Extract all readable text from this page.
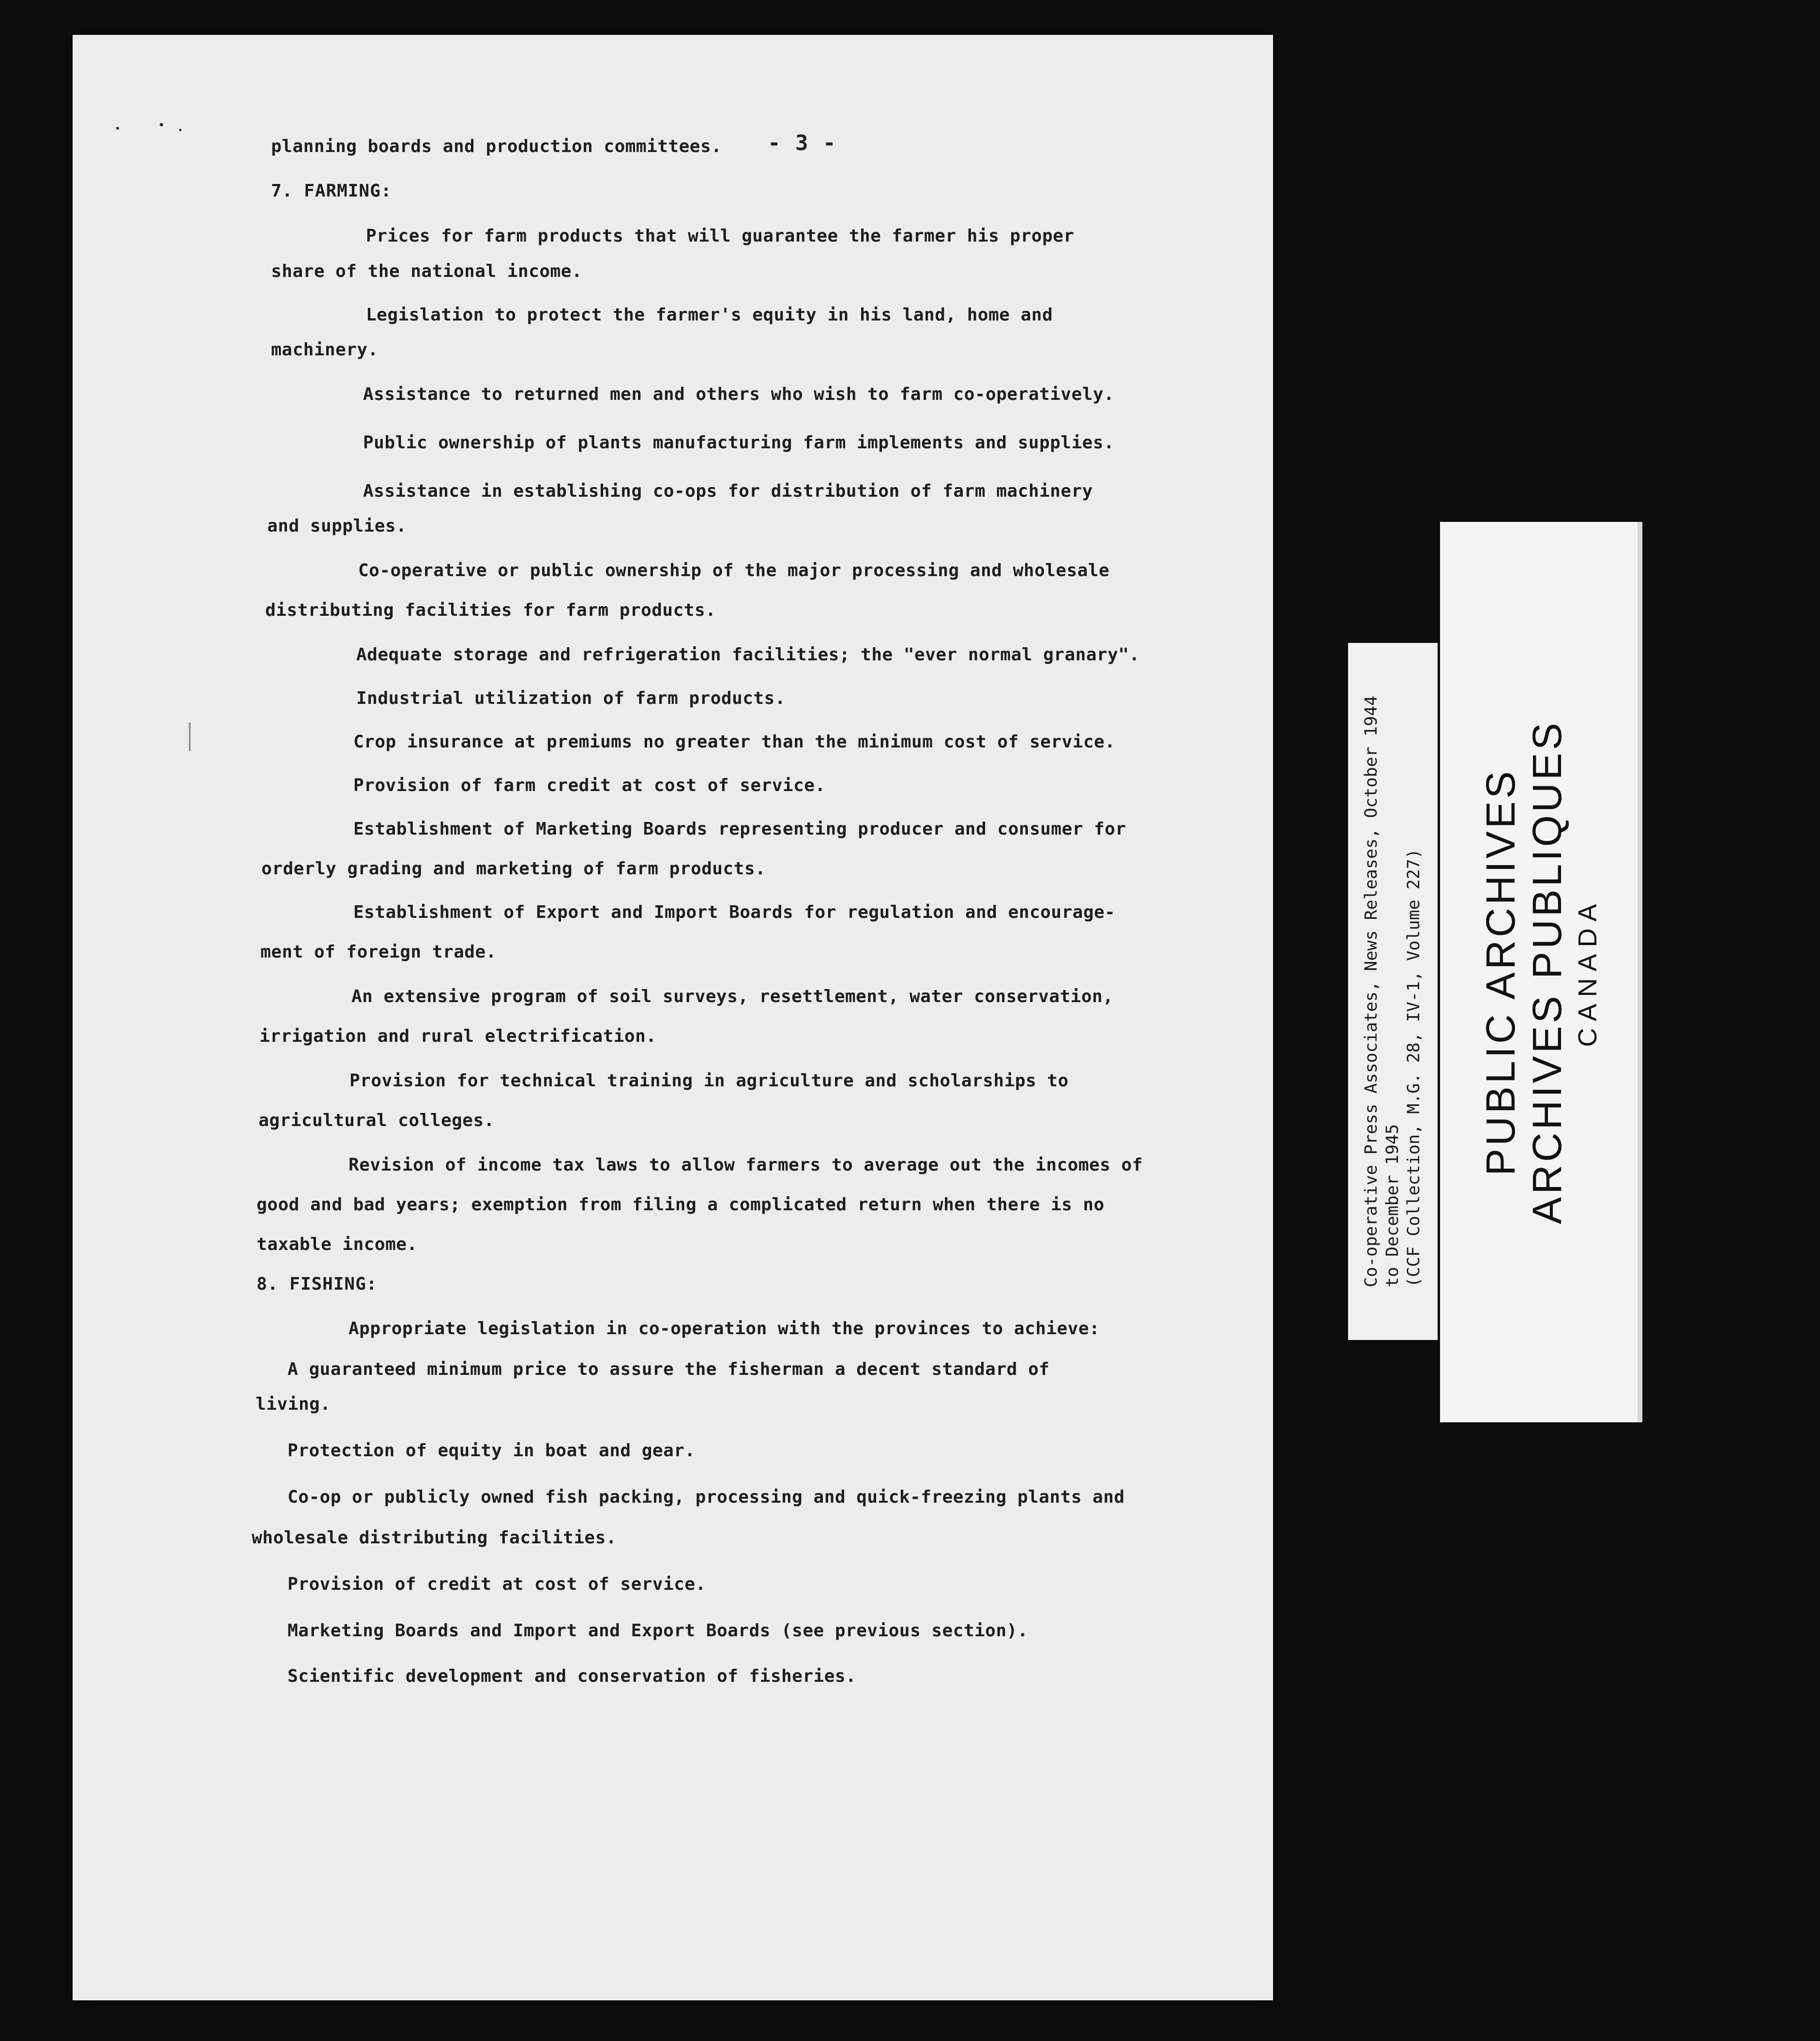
- 3 -
planning boards and production committees.
7. FARMING:
Prices for farm products that will guarantee the farmer his proper
share of the national income.
Legislation to protect the farmer's equity in his land, home and
machinery.
Assistance to returned men and others who wish to farm co-operatively.
Public ownership of plants manufacturing farm implements and supplies.
Assistance in establishing co-ops for distribution of farm machinery
and supplies.
Co-operative or public ownership of the major processing and wholesale
distributing facilities for farm products.
Adequate storage and refrigeration facilities; the "ever normal granary".
Industrial utilization of farm products.
Crop insurance at premiums no greater than the minimum cost of service.
Provision of farm credit at cost of service.
Establishment of Marketing Boards representing producer and consumer for
orderly grading and marketing of farm products.
Establishment of Export and Import Boards for regulation and encourage-
ment of foreign trade.
An extensive program of soil surveys, resettlement, water conservation,
irrigation and rural electrification.
Provision for technical training in agriculture and scholarships to
agricultural colleges.
Revision of income tax laws to allow farmers to average out the incomes of
good and bad years; exemption from filing a complicated return when there is no
taxable income.
8. FISHING:
Appropriate legislation in co-operation with the provinces to achieve:
A guaranteed minimum price to assure the fisherman a decent standard of
living.
Protection of equity in boat and gear.
Co-op or publicly owned fish packing, processing and quick-freezing plants and
wholesale distributing facilities.
Provision of credit at cost of service.
Marketing Boards and Import and Export Boards (see previous section).
Scientific development and conservation of fisheries.
Co-operative Press Associates, News Releases, October 1944 to December 1945 (CCF Collection, M.G. 28, IV-1, Volume 227) PUBLIC ARCHIVES ARCHIVES PUBLIQUES CANADA
